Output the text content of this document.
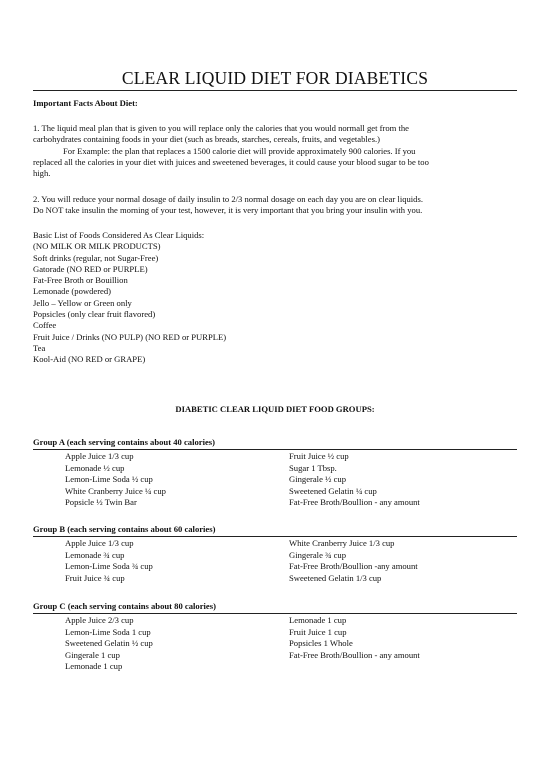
CLEAR LIQUID DIET FOR DIABETICS
Important Facts About Diet:

1. The liquid meal plan that is given to you will replace only the calories that you would normall get from the

carbohydrates containing foods in your diet (such as breads, starches, cereals, fruits, and vegetables.)

For Example: the plan that replaces a 1500 calorie diet will provide approximately 900 calories. If you

replaced all the calories in your diet with juices and sweetened beverages, it could cause your blood sugar to be too

high.

2. You will reduce your normal dosage of daily insulin to 2/3 normal dosage on each day you are on clear liquids.

Do NOT take insulin the morning of your test, however, it is very important that you bring your insulin with you.

Basic List of Foods Considered As Clear Liquids:

(NO MILK OR MILK PRODUCTS)

Soft drinks (regular, not Sugar-Free)

Gatorade (NO RED or PURPLE)

Fat-Free Broth or Bouillion

Lemonade (powdered)

Jello – Yellow or Green only

Popsicles (only clear fruit flavored)

Coffee

Fruit Juice / Drinks (NO PULP) (NO RED or PURPLE)

Tea

Kool-Aid (NO RED or GRAPE)

DIABETIC CLEAR LIQUID DIET FOOD GROUPS:
Group A (each serving contains about 40 calories)
Apple Juice 1/3 cup	Fruit Juice ½ cup
Lemonade ½ cup	Sugar 1 Tbsp.
Lemon-Lime Soda ½ cup	Gingerale ½ cup
White Cranberry Juice ¼ cup	Sweetened Gelatin ¼ cup
Popsicle ½ Twin Bar	Fat-Free Broth/Boullion - any amount
Group B (each serving contains about 60 calories)
Apple Juice 1/3 cup	White Cranberry Juice 1/3 cup
Lemonade ¾ cup	Gingerale ¾ cup
Lemon-Lime Soda ¾ cup	Fat-Free Broth/Boullion -any amount
Fruit Juice ¾ cup	Sweetened Gelatin 1/3 cup
Group C (each serving contains about 80 calories)
Apple Juice 2/3 cup	Lemonade 1 cup
Lemon-Lime Soda 1 cup	Fruit Juice 1 cup
Sweetened Gelatin ½ cup	Popsicles 1 Whole
Gingerale 1 cup	Fat-Free Broth/Boullion - any amount
Lemonade 1 cup
